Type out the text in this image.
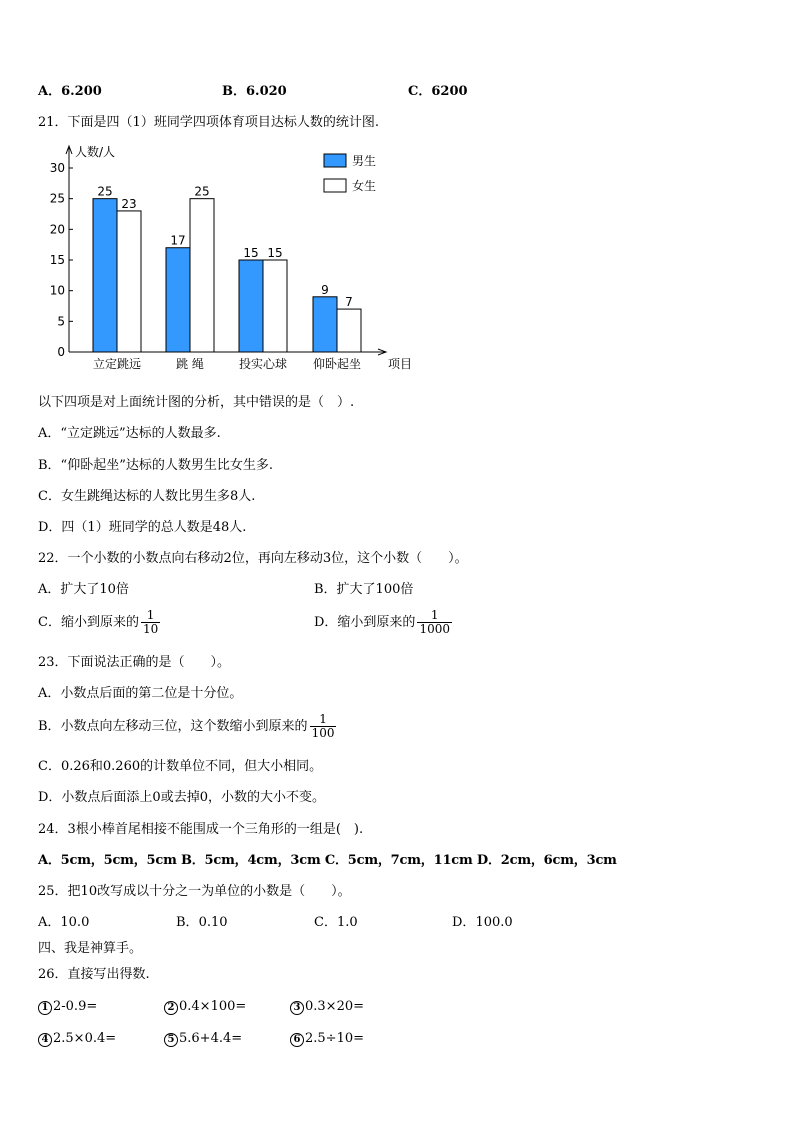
A．6.200	B．6.020	C．6200
21．下面是四（1）班同学四项体育项目达标人数的统计图.
0
5
10
15
20
25
30
人数/人
项目
25
23
立定跳远
17
25
跳 绳
15 15
投实心球
9
7
仰卧起坐
男生
女生
以下四项是对上面统计图的分析，其中错误的是（　）.
A．“立定跳远”达标的人数最多.
B．“仰卧起坐”达标的人数男生比女生多.
C．女生跳绳达标的人数比男生多8人.
D．四（1）班同学的总人数是48人.
22．一个小数的小数点向右移动2位，再向左移动3位，这个小数（　　）。
A．扩大了10倍	B．扩大了100倍
C．缩小到原来的 $\frac{1}{10}$	D．缩小到原来的 $\frac{1}{1000}$
23．下面说法正确的是（　　）。
A．小数点后面的第二位是十分位。
B．小数点向左移动三位，这个数缩小到原来的 $\frac{1}{100}$
C．0.26和0.260的计数单位不同，但大小相同。
D．小数点后面添上0或去掉0，小数的大小不变。
24．3根小棒首尾相接不能围成一个三角形的一组是(　).
A．5cm，5cm，5cm B．5cm，4cm，3cm C．5cm，7cm，11cm D．2cm，6cm，3cm
25．把10改写成以十分之一为单位的小数是（　　）。
A．10.0	B．0.10	C．1.0	D．100.0
四、我是神算手。
26．直接写出得数.
1 2-0.9=	2 0.4×100=	3 0.3×20=
4 2.5×0.4=	5 5.6+4.4=	6 2.5÷10=
